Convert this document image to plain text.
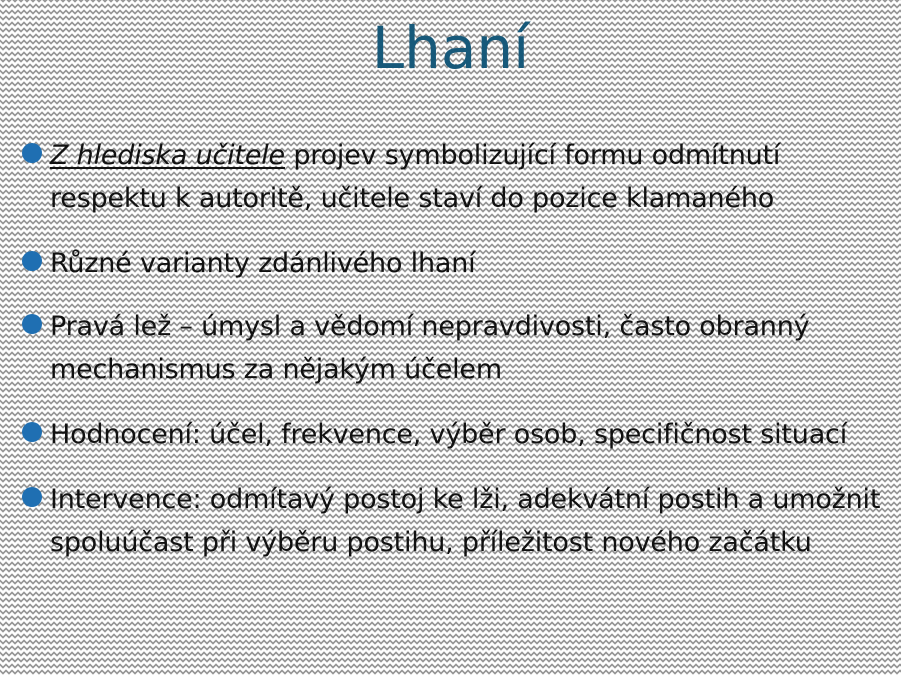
Lhaní
Z hlediska učitele projev symbolizující formu odmítnutí respektu k autoritě, učitele staví do pozice klamaného
Různé varianty zdánlivého lhaní
Pravá lež – úmysl a vědomí nepravdivosti, často obranný mechanismus za nějakým účelem
Hodnocení: účel, frekvence, výběr osob, specifičnost situací
Intervence: odmítavý postoj ke lži, adekvátní postih a umožnit spoluúčast při výběru postihu, příležitost nového začátku
